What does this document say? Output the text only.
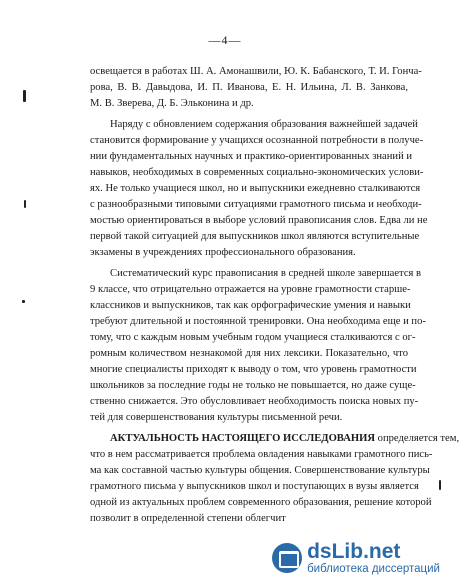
—4—

освещается в работах Ш. А. Амонашвили, Ю. К. Бабанского, Т. И. Гонча-
рова, В. В. Давыдова, И. П. Иванова, Е. Н. Ильина, Л. В. Занкова,
М. В. Зверева, Д. Б. Эльконина и др.

Наряду с обновлением содержания образования важнейшей задачей
становится формирование у учащихся осознанной потребности в получе-
нии фундаментальных научных и практико-ориентированных знаний и
навыков, необходимых в современных социально-экономических услови-
ях. Не только учащиеся школ, но и выпускники ежедневно сталкиваются
с разнообразными типовыми ситуациями грамотного письма и необходи-
мостью ориентироваться в выборе условий правописания слов. Едва ли не
первой такой ситуацией для выпускников школ являются вступительные
экзамены в учреждениях профессионального образования.

Систематический курс правописания в средней школе завершается в
9 классе, что отрицательно отражается на уровне грамотности старше-
классников и выпускников, так как орфографические умения и навыки
требуют длительной и постоянной тренировки. Она необходима еще и по-
тому, что с каждым новым учебным годом учащиеся сталкиваются с ог-
ромным количеством незнакомой для них лексики. Показательно, что
многие специалисты приходят к выводу о том, что уровень грамотности
школьников за последние годы не только не повышается, но даже суще-
ственно снижается. Это обусловливает необходимость поиска новых пу-
тей для совершенствования культуры письменной речи.

АКТУАЛЬНОСТЬ НАСТОЯЩЕГО ИССЛЕДОВАНИЯ определяется тем,
что в нем рассматривается проблема овладения навыками грамотного пись-
ма как составной частью культуры общения. Совершенствование культуры
грамотного письма у выпускников школ и поступающих в вузы является
одной из актуальных проблем современного образования, решение которой
позволит в определенной степени облегчит

dsLib.net
библиотека диссертаций
